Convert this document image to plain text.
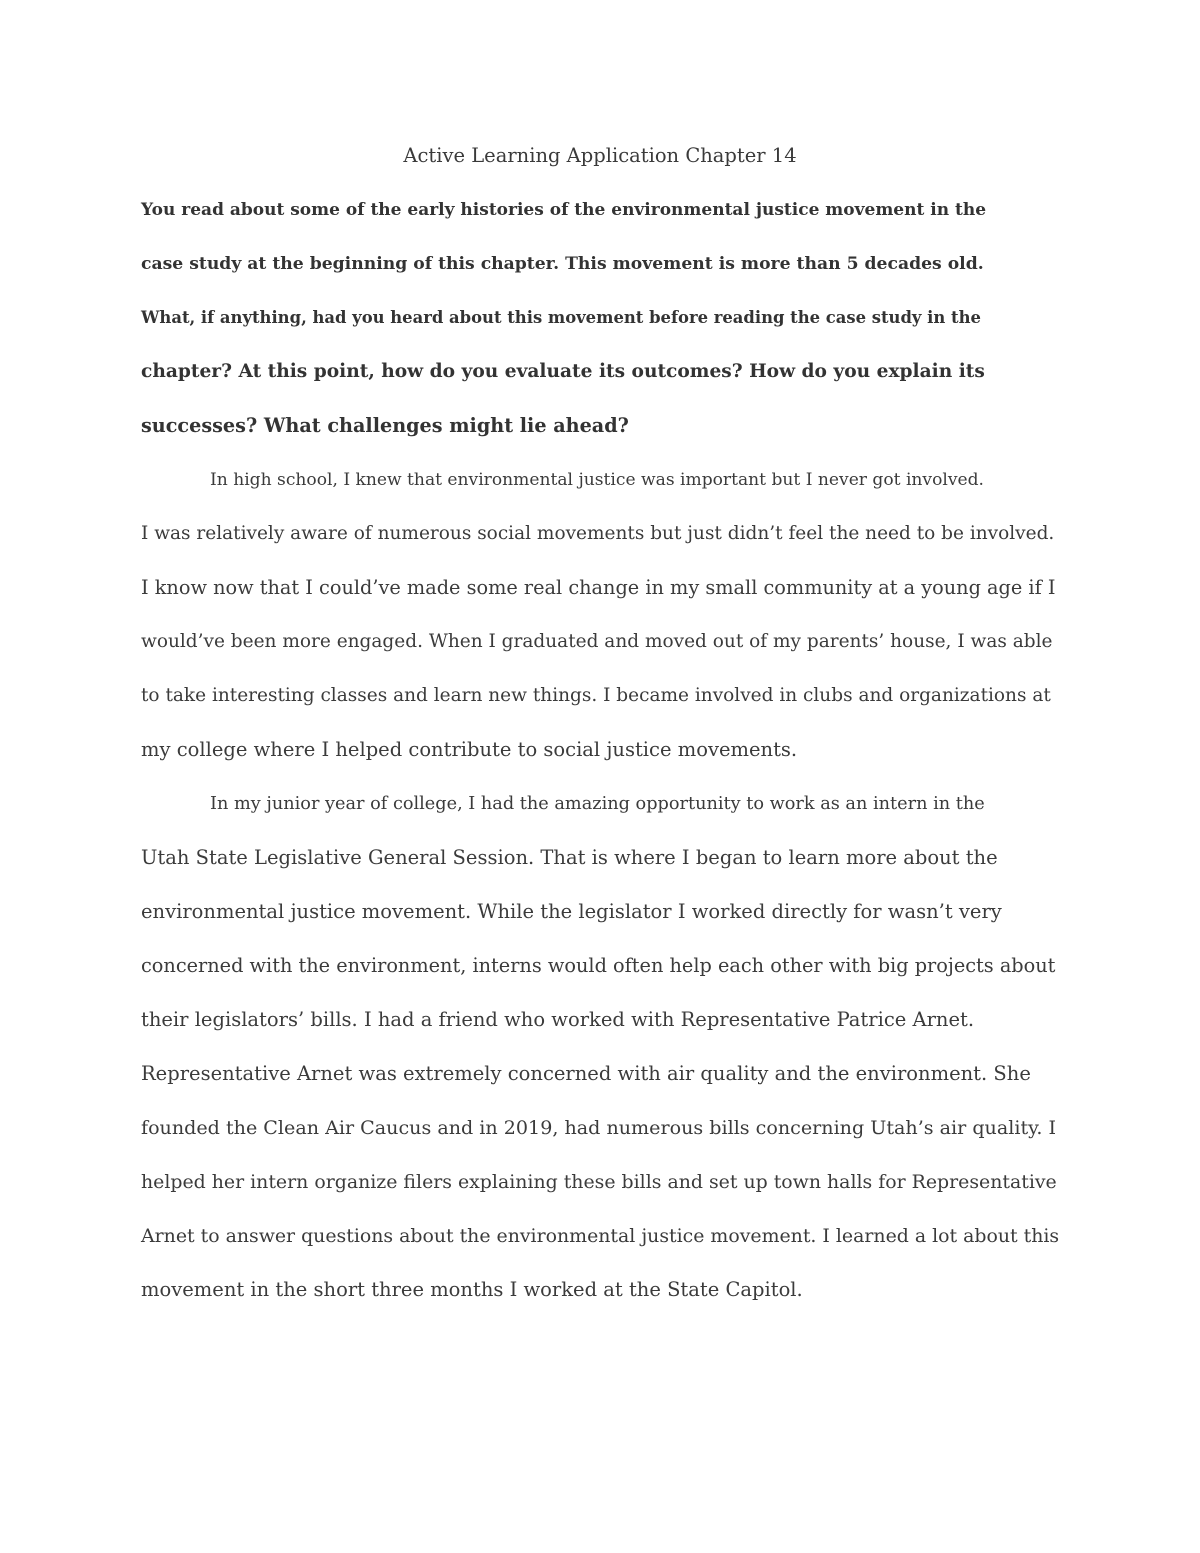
Active Learning Application Chapter 14

You read about some of the early histories of the environmental justice movement in the
case study at the beginning of this chapter. This movement is more than 5 decades old.
What, if anything, had you heard about this movement before reading the case study in the
chapter? At this point, how do you evaluate its outcomes? How do you explain its
successes? What challenges might lie ahead?

In high school, I knew that environmental justice was important but I never got involved.
I was relatively aware of numerous social movements but just didn’t feel the need to be involved.
I know now that I could’ve made some real change in my small community at a young age if I
would’ve been more engaged. When I graduated and moved out of my parents’ house, I was able
to take interesting classes and learn new things. I became involved in clubs and organizations at
my college where I helped contribute to social justice movements.

In my junior year of college, I had the amazing opportunity to work as an intern in the
Utah State Legislative General Session. That is where I began to learn more about the
environmental justice movement. While the legislator I worked directly for wasn’t very
concerned with the environment, interns would often help each other with big projects about
their legislators’ bills. I had a friend who worked with Representative Patrice Arnet.
Representative Arnet was extremely concerned with air quality and the environment. She
founded the Clean Air Caucus and in 2019, had numerous bills concerning Utah’s air quality. I
helped her intern organize filers explaining these bills and set up town halls for Representative
Arnet to answer questions about the environmental justice movement. I learned a lot about this
movement in the short three months I worked at the State Capitol.
